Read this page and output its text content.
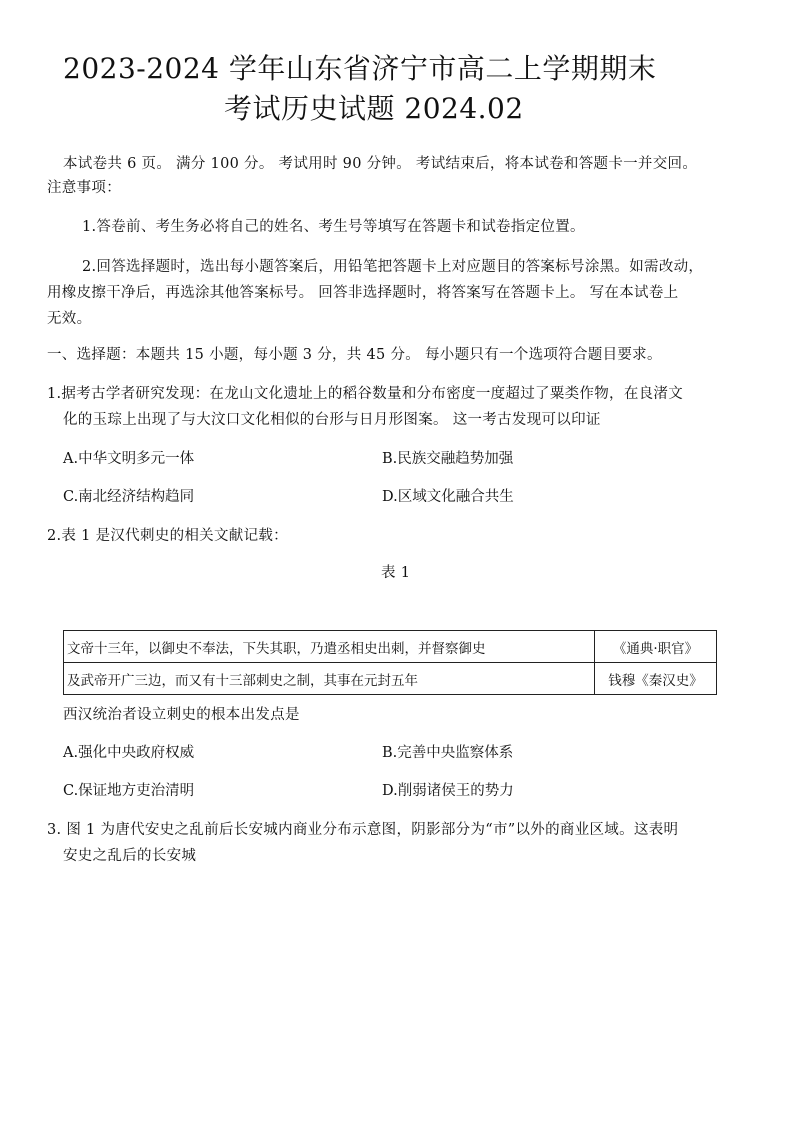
2023-2024 学年山东省济宁市高二上学期期末
考试历史试题 2024.02
本试卷共 6 页。 满分 100 分。 考试用时 90 分钟。 考试结束后，将本试卷和答题卡一并交回。
注意事项：
1.答卷前、考生务必将自己的姓名、考生号等填写在答题卡和试卷指定位置。
2.回答选择题时，选出每小题答案后，用铅笔把答题卡上对应题目的答案标号涂黑。如需改动，
用橡皮擦干净后，再选涂其他答案标号。 回答非选择题时，将答案写在答题卡上。 写在本试卷上
无效。
一、选择题：本题共 15 小题，每小题 3 分，共 45 分。 每小题只有一个选项符合题目要求。
1.据考古学者研究发现：在龙山文化遗址上的稻谷数量和分布密度一度超过了粟类作物，在良渚文
化的玉琮上出现了与大汶口文化相似的台形与日月形图案。 这一考古发现可以印证
A.中华文明多元一体	B.民族交融趋势加强
C.南北经济结构趋同	D.区域文化融合共生
2.表 1 是汉代刺史的相关文献记载：
表 1
文帝十三年，以御史不奉法，下失其职，乃遣丞相史出刺，并督察御史	《通典·职官》
及武帝开广三边，而又有十三部刺史之制，其事在元封五年	钱穆《秦汉史》
西汉统治者设立刺史的根本出发点是
A.强化中央政府权威	B.完善中央监察体系
C.保证地方吏治清明	D.削弱诸侯王的势力
3. 图 1 为唐代安史之乱前后长安城内商业分布示意图，阴影部分为“市”以外的商业区域。这表明
安史之乱后的长安城
